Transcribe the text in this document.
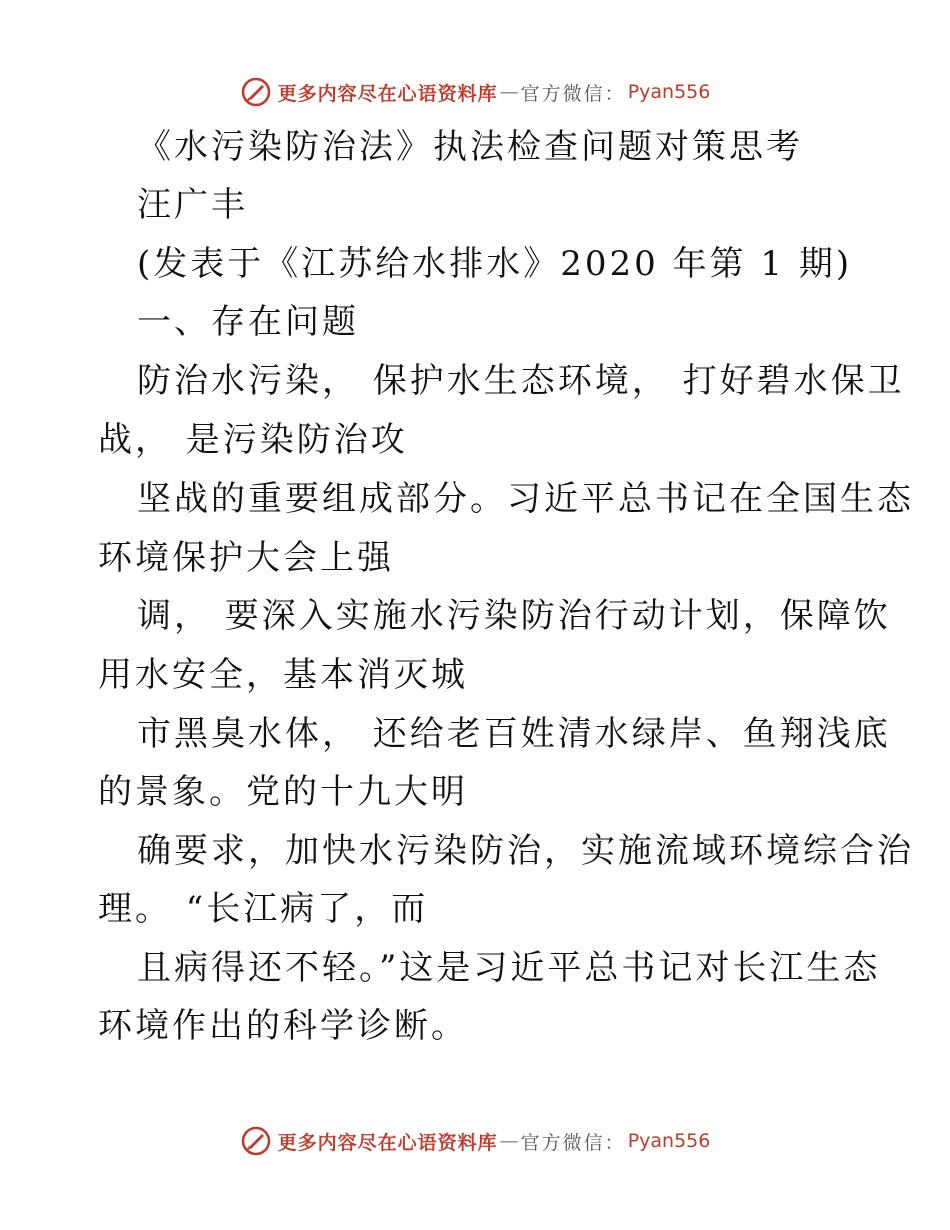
更多内容尽在心语资料库 — 官方微信： Pyan556
《水污染防治法》执法检查问题对策思考
汪广丰
(发表于《江苏给水排水》2020 年第 1 期)
一、存在问题
防治水污染， 保护水生态环境， 打好碧水保卫
战， 是污染防治攻
坚战的重要组成部分。习近平总书记在全国生态
环境保护大会上强
调， 要深入实施水污染防治行动计划，保障饮
用水安全，基本消灭城
市黑臭水体， 还给老百姓清水绿岸、鱼翔浅底
的景象。党的十九大明
确要求，加快水污染防治，实施流域环境综合治
理。 “长江病了，而
且病得还不轻。”这是习近平总书记对长江生态
环境作出的科学诊断。
更多内容尽在心语资料库 — 官方微信： Pyan556
